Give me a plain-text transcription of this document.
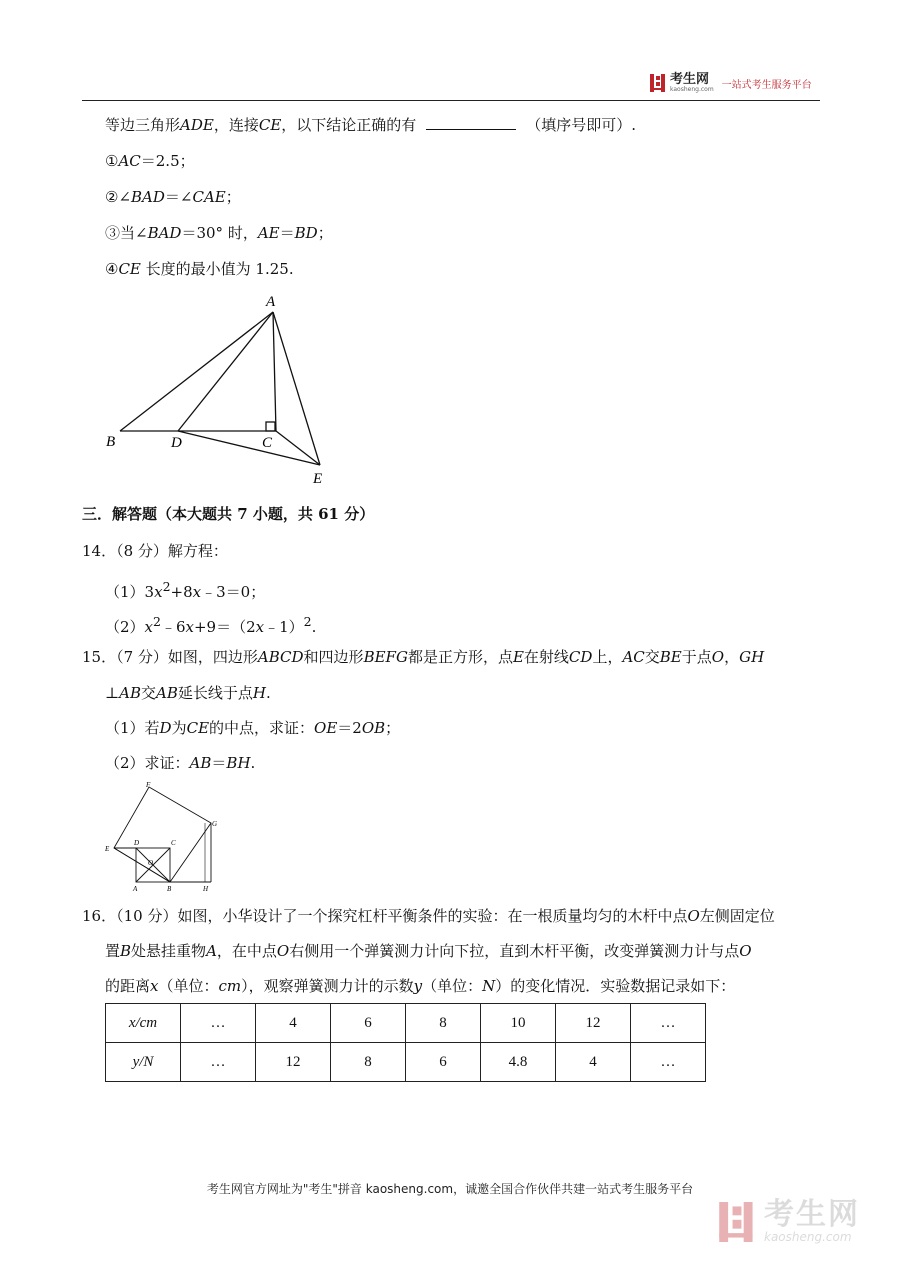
考生网
kaosheng.com 一站式考生服务平台
等边三角形ADE，连接CE，以下结论正确的有	（填序号即可）.
①AC＝2.5；
②∠BAD＝∠CAE；
③当∠BAD＝30° 时，AE＝BD；
④CE 长度的最小值为 1.25.
A
B	D	C
E
三．解答题（本大题共 7 小题，共 61 分）
14．（8 分）解方程：
$(1)3x^2+8x﹣3=0$；
$(2)x^2﹣6x+9=(2x﹣1)^2$.
15．（7 分）如图，四边形ABCD和四边形BEFG都是正方形，点E在射线CD上，AC交BE于点O，GH
⊥AB交AB延长线于点H.
（1）若D为CE的中点，求证：OE＝2OB；
（2）求证：AB＝BH.
F
G
E
D	C
O
A	B	H
16．（10 分）如图，小华设计了一个探究杠杆平衡条件的实验：在一根质量均匀的木杆中点O左侧固定位
置B处悬挂重物A，在中点O右侧用一个弹簧测力计向下拉，直到木杆平衡，改变弹簧测力计与点O
的距离x（单位：cm），观察弹簧测力计的示数y（单位：N）的变化情况．实验数据记录如下：
x/cm	…	4	6	8	10	12	…
y/N	…	12	8	6	4.8	4	…
考生网官方网址为"考生"拼音 kaosheng.com，诚邀全国合作伙伴共建一站式考生服务平台
考生网
kaosheng.com
